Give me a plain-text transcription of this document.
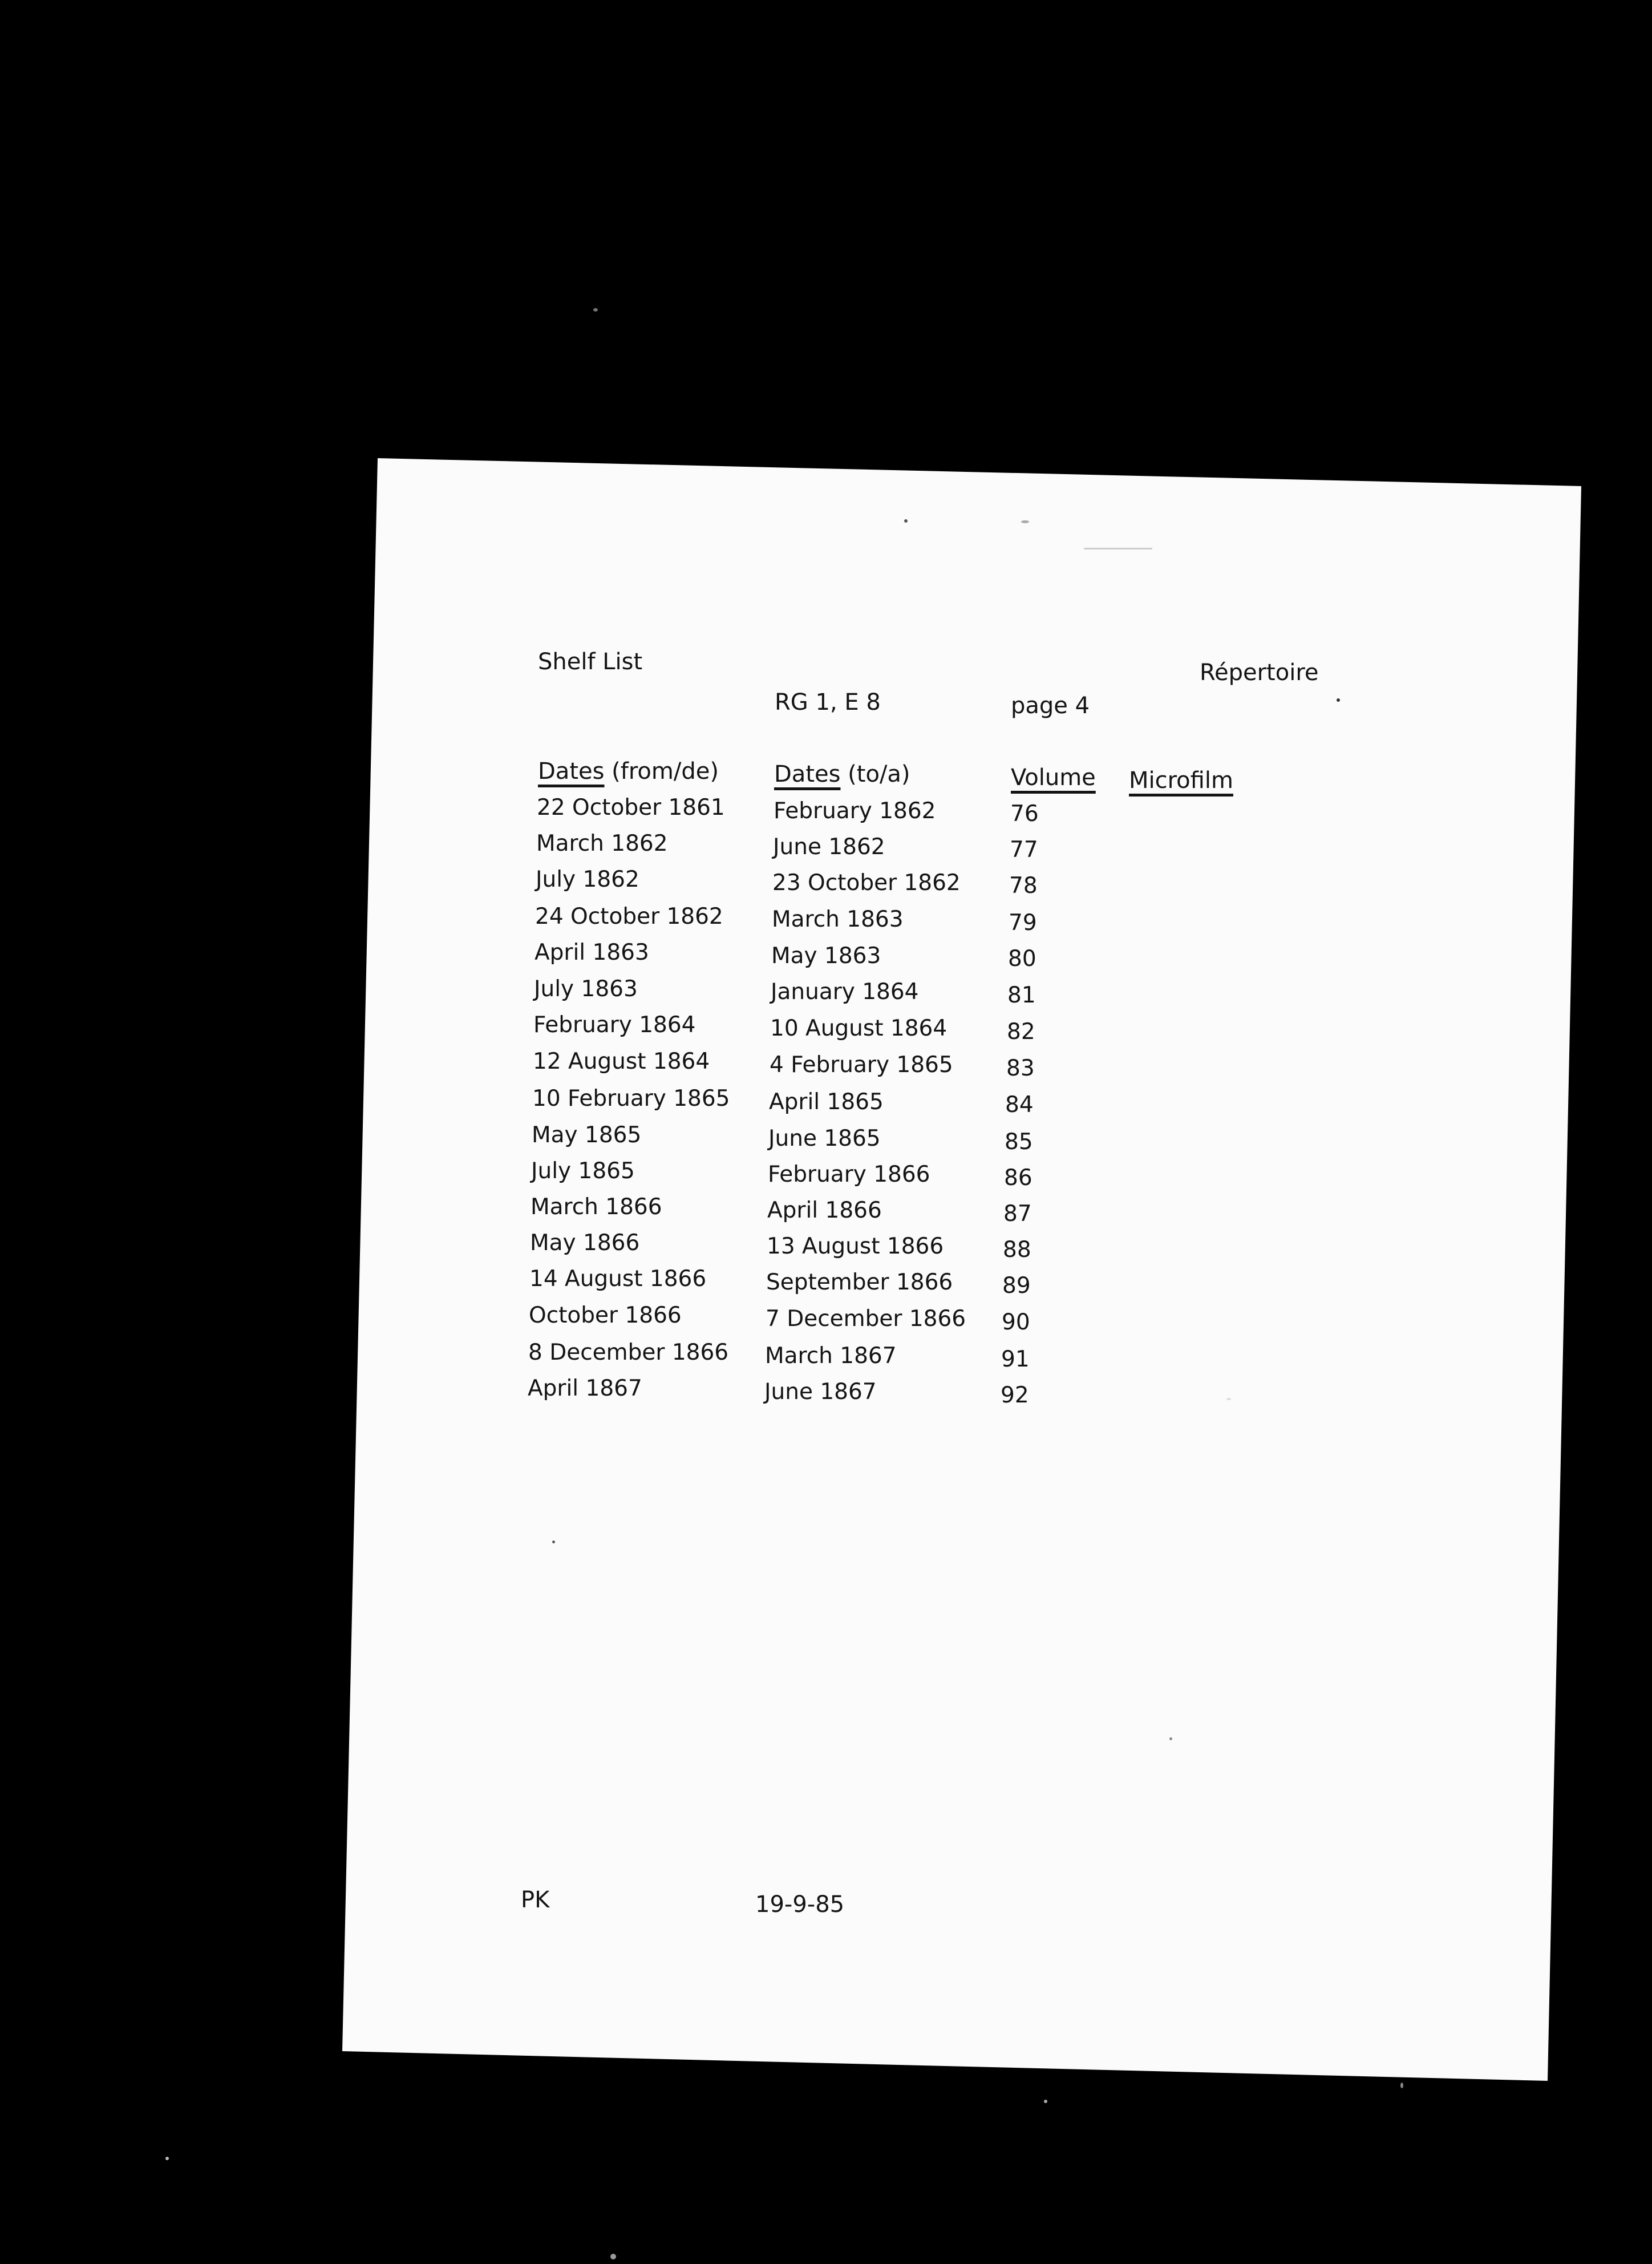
Shelf List	Répertoire
RG 1, E 8	page 4
Dates (from/de) Dates (to/a)	Volume Microfilm
22 October 1861 February 1862	76
March 1862	June 1862	77
July 1862	23 October 1862 78
24 October 1862 March 1863	79
April 1863	May 1863	80
July 1863	January 1864	81
February 1864	10 August 1864	82
12 August 1864	4 February 1865 83
10 February 1865 April 1865	84
May 1865	June 1865	85
July 1865	February 1866	86
March 1866	April 1866	87
May 1866	13 August 1866	88
14 August 1866	September 1866 89
October 1866	7 December 1866 90
8 December 1866 March 1867	91
April 1867	June 1867	92
PK	19-9-85
